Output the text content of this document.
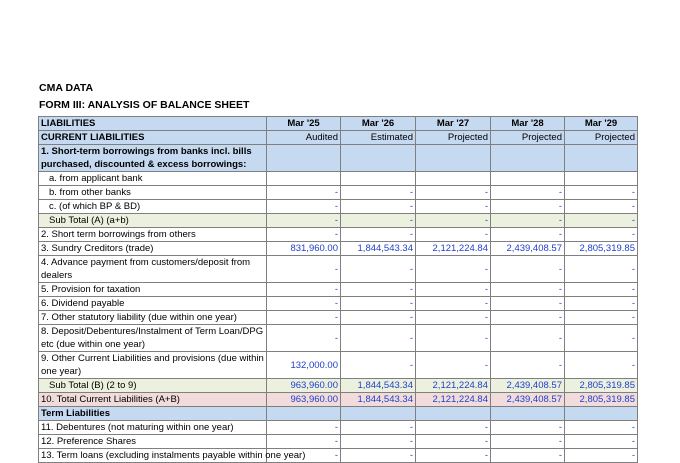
CMA DATA
FORM III: ANALYSIS OF BALANCE SHEET
LIABILITIES	Mar '25	Mar '26	Mar '27	Mar '28	Mar '29
CURRENT LIABILITIES	Audited	Estimated	Projected	Projected	Projected
1. Short-term borrowings from banks incl. bills purchased, discounted & excess borrowings:					
a. from applicant bank					
b. from other banks	-	-	-	-	-
c. (of which BP & BD)	-	-	-	-	-
Sub Total (A) (a+b)	-	-	-	-	-
2. Short term borrowings from others	-	-	-	-	-
3. Sundry Creditors (trade)	831,960.00	1,844,543.34	2,121,224.84	2,439,408.57	2,805,319.85
4. Advance payment from customers/deposit from dealers	-	-	-	-	-
5. Provision for taxation	-	-	-	-	-
6. Dividend payable	-	-	-	-	-
7. Other statutory liability (due within one year)	-	-	-	-	-
8. Deposit/Debentures/Instalment of Term Loan/DPG etc (due within one year)	-	-	-	-	-
9. Other Current Liabilities and provisions (due within one year)	132,000.00	-	-	-	-
Sub Total (B) (2 to 9)	963,960.00	1,844,543.34	2,121,224.84	2,439,408.57	2,805,319.85
10. Total Current Liabilities (A+B)	963,960.00	1,844,543.34	2,121,224.84	2,439,408.57	2,805,319.85
Term Liabilities					
11. Debentures (not maturing within one year)	-	-	-	-	-
12. Preference Shares	-	-	-	-	-
13. Term loans (excluding instalments payable within one year)	-	-	-	-	-
